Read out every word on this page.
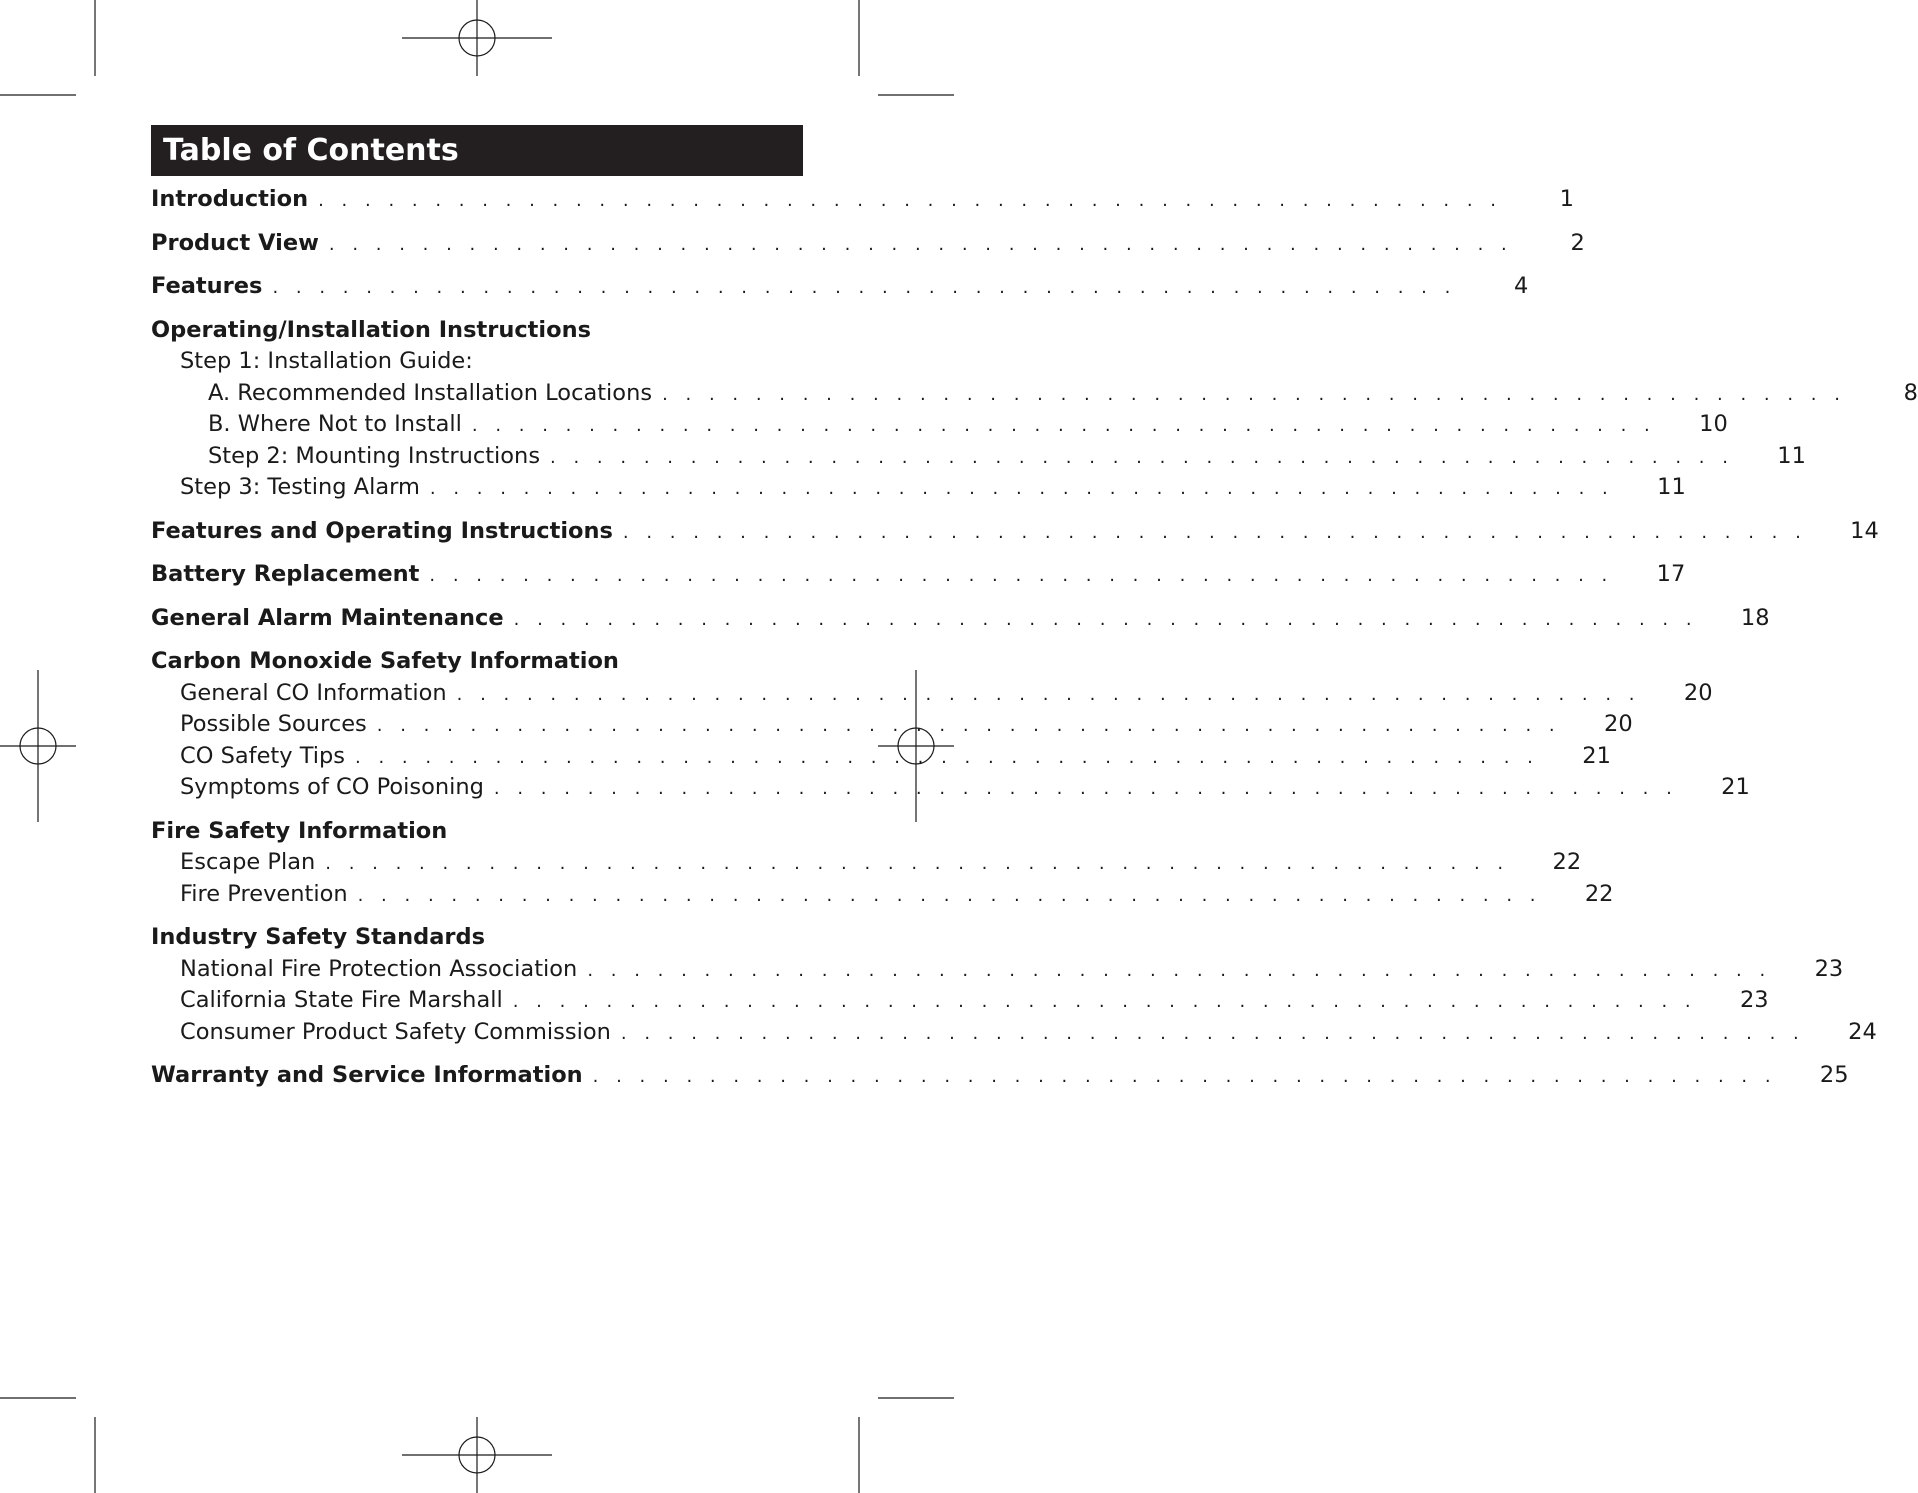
Table of Contents
Introduction . . . . . . . . . . . . . . . . . . . . . . . . . . . . . . . . . . . . . . . . . . . . . . . . . . .	1
Product View . . . . . . . . . . . . . . . . . . . . . . . . . . . . . . . . . . . . . . . . . . . . . . . . . . .	2
Features . . . . . . . . . . . . . . . . . . . . . . . . . . . . . . . . . . . . . . . . . . . . . . . . . . .	4
Operating/Installation Instructions
Step 1: Installation Guide:
A. Recommended Installation Locations . . . . . . . . . . . . . . . . . . . . . . . . . . . . . . . . . . . . . . . . . . . . . . . . . . .	8
B. Where Not to Install . . . . . . . . . . . . . . . . . . . . . . . . . . . . . . . . . . . . . . . . . . . . . . . . . . .	10
Step 2: Mounting Instructions . . . . . . . . . . . . . . . . . . . . . . . . . . . . . . . . . . . . . . . . . . . . . . . . . . .	11
Step 3: Testing Alarm . . . . . . . . . . . . . . . . . . . . . . . . . . . . . . . . . . . . . . . . . . . . . . . . . . .	11
Features and Operating Instructions . . . . . . . . . . . . . . . . . . . . . . . . . . . . . . . . . . . . . . . . . . . . . . . . . . .	14
Battery Replacement . . . . . . . . . . . . . . . . . . . . . . . . . . . . . . . . . . . . . . . . . . . . . . . . . . .	17
General Alarm Maintenance . . . . . . . . . . . . . . . . . . . . . . . . . . . . . . . . . . . . . . . . . . . . . . . . . . .	18
Carbon Monoxide Safety Information
General CO Information . . . . . . . . . . . . . . . . . . . . . . . . . . . . . . . . . . . . . . . . . . . . . . . . . . .	20
Possible Sources . . . . . . . . . . . . . . . . . . . . . . . . . . . . . . . . . . . . . . . . . . . . . . . . . . .	20
CO Safety Tips . . . . . . . . . . . . . . . . . . . . . . . . . . . . . . . . . . . . . . . . . . . . . . . . . . .	21
Symptoms of CO Poisoning . . . . . . . . . . . . . . . . . . . . . . . . . . . . . . . . . . . . . . . . . . . . . . . . . . .	21
Fire Safety Information
Escape Plan . . . . . . . . . . . . . . . . . . . . . . . . . . . . . . . . . . . . . . . . . . . . . . . . . . .	22
Fire Prevention . . . . . . . . . . . . . . . . . . . . . . . . . . . . . . . . . . . . . . . . . . . . . . . . . . .	22
Industry Safety Standards
National Fire Protection Association . . . . . . . . . . . . . . . . . . . . . . . . . . . . . . . . . . . . . . . . . . . . . . . . . . .	23
California State Fire Marshall . . . . . . . . . . . . . . . . . . . . . . . . . . . . . . . . . . . . . . . . . . . . . . . . . . .	23
Consumer Product Safety Commission . . . . . . . . . . . . . . . . . . . . . . . . . . . . . . . . . . . . . . . . . . . . . . . . . . .	24
Warranty and Service Information . . . . . . . . . . . . . . . . . . . . . . . . . . . . . . . . . . . . . . . . . . . . . . . . . . .	25
